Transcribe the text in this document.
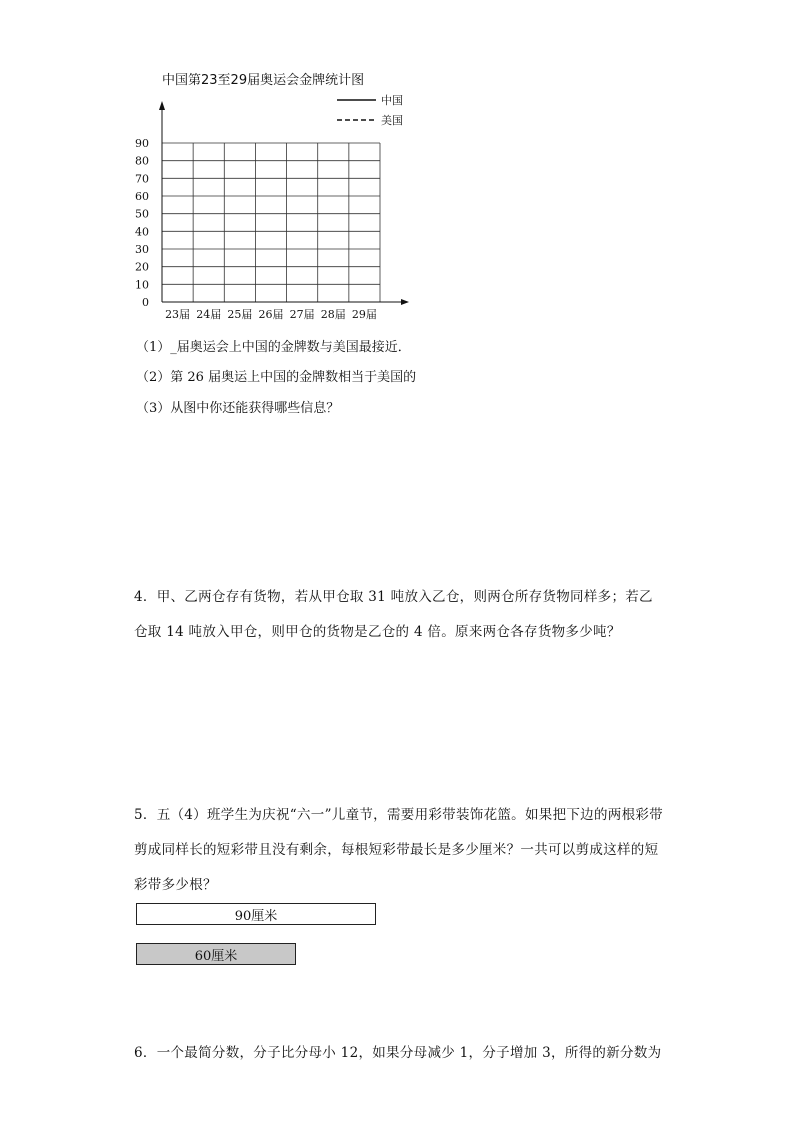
0
10
20
30
40
50
60
70
80
90
23届 24届 25届 26届 27届 28届 29届
中国
美国
中国第23至29届奥运会金牌统计图
（1）_届奥运会上中国的金牌数与美国最接近．
（2）第 26 届奥运上中国的金牌数相当于美国的
（3）从图中你还能获得哪些信息？
4．甲、乙两仓存有货物，若从甲仓取 31 吨放入乙仓，则两仓所存货物同样多；若乙仓取 14 吨放入甲仓，则甲仓的货物是乙仓的 4 倍。原来两仓各存货物多少吨？
5．五（4）班学生为庆祝“六一”儿童节，需要用彩带装饰花篮。如果把下边的两根彩带剪成同样长的短彩带且没有剩余，每根短彩带最长是多少厘米？一共可以剪成这样的短彩带多少根？
90厘米
60厘米
6．一个最简分数，分子比分母小 12，如果分母减少 1，分子增加 3，所得的新分数为
